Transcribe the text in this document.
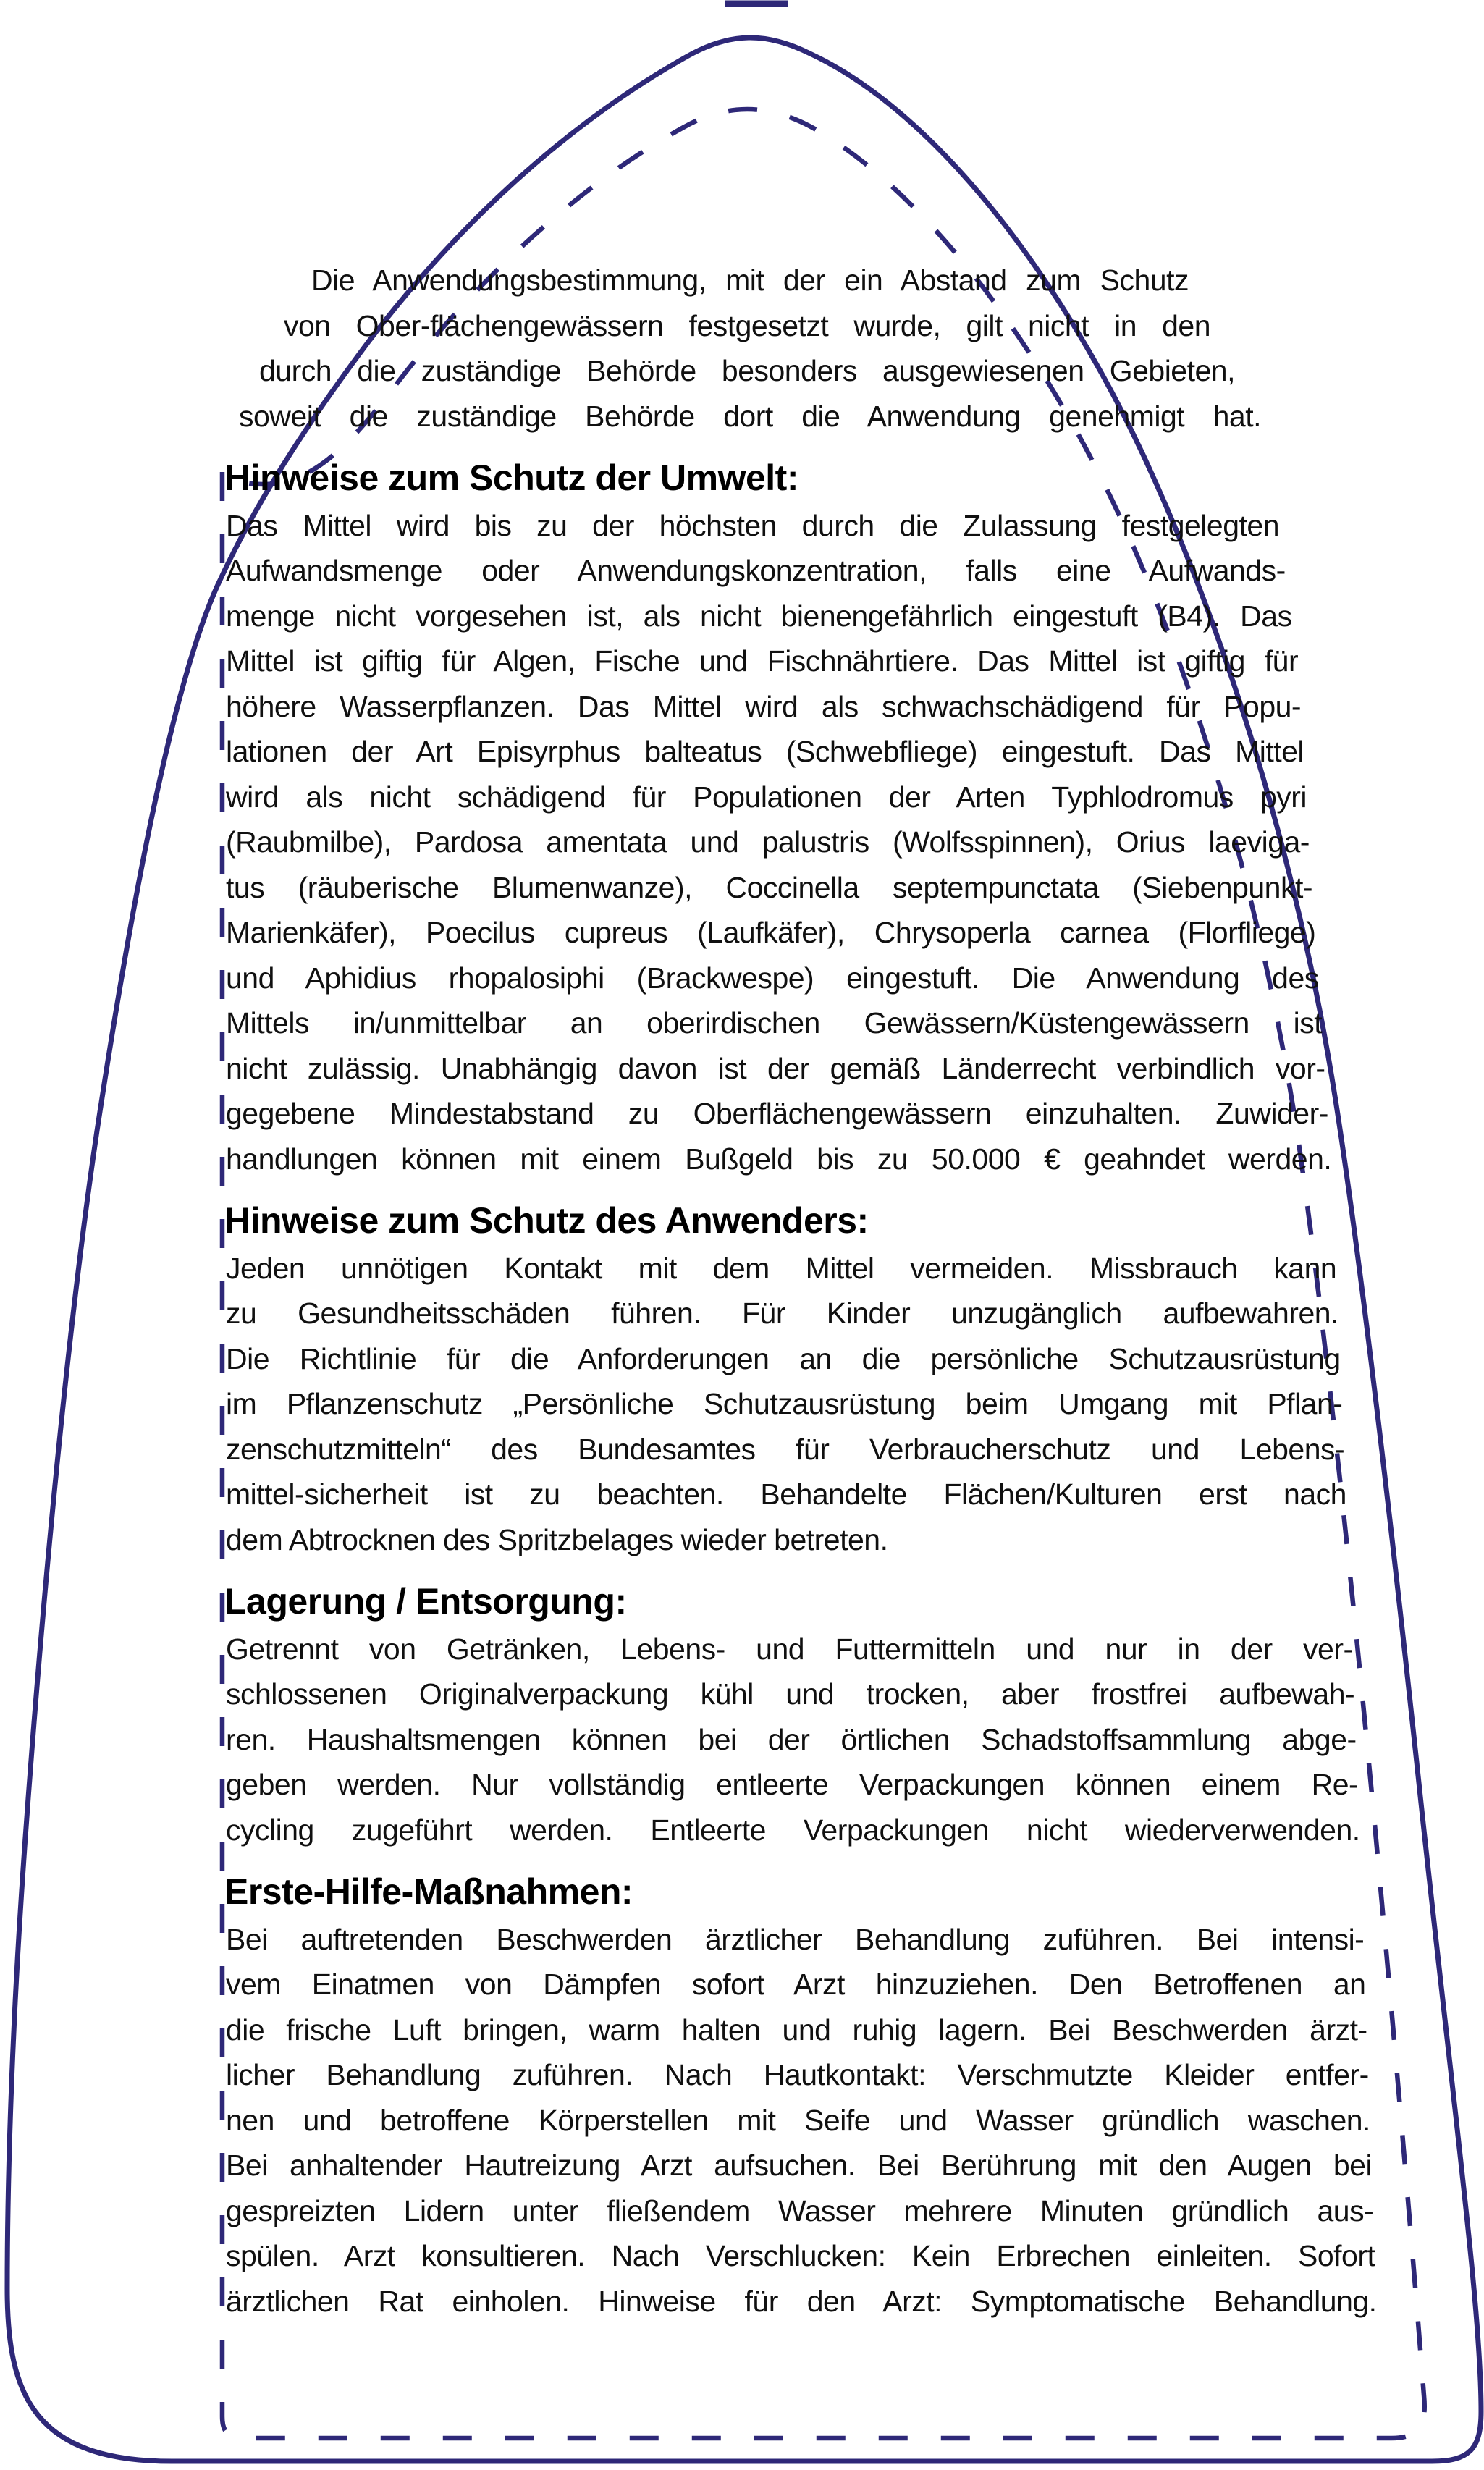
Die Anwendungsbestimmung, mit der ein Abstand zum Schutz
von Ober-flächengewässern festgesetzt wurde, gilt nicht in den
durch die zuständige Behörde besonders ausgewiesenen Gebieten,
soweit die zuständige Behörde dort die Anwendung genehmigt hat.
Hinweise zum Schutz der Umwelt:
Das Mittel wird bis zu der höchsten durch die Zulassung festgelegten
Aufwandsmenge oder Anwendungskonzentration, falls eine Aufwands-
menge nicht vorgesehen ist, als nicht bienengefährlich eingestuft (B4). Das
Mittel ist giftig für Algen, Fische und Fischnährtiere. Das Mittel ist giftig für
höhere Wasserpflanzen. Das Mittel wird als schwachschädigend für Popu-
lationen der Art Episyrphus balteatus (Schwebfliege) eingestuft. Das Mittel
wird als nicht schädigend für Populationen der Arten Typhlodromus pyri
(Raubmilbe), Pardosa amentata und palustris (Wolfsspinnen), Orius laeviga-
tus (räuberische Blumenwanze), Coccinella septempunctata (Siebenpunkt-
Marienkäfer), Poecilus cupreus (Laufkäfer), Chrysoperla carnea (Florfliege)
und Aphidius rhopalosiphi (Brackwespe) eingestuft. Die Anwendung des
Mittels in/unmittelbar an oberirdischen Gewässern/Küstengewässern ist
nicht zulässig. Unabhängig davon ist der gemäß Länderrecht verbindlich vor-
gegebene Mindestabstand zu Oberflächengewässern einzuhalten. Zuwider-
handlungen können mit einem Bußgeld bis zu 50.000 € geahndet werden.
Hinweise zum Schutz des Anwenders:
Jeden unnötigen Kontakt mit dem Mittel vermeiden. Missbrauch kann
zu Gesundheitsschäden führen. Für Kinder unzugänglich aufbewahren.
Die Richtlinie für die Anforderungen an die persönliche Schutzausrüstung
im Pflanzenschutz „Persönliche Schutzausrüstung beim Umgang mit Pflan-
zenschutzmitteln“ des Bundesamtes für Verbraucherschutz und Lebens-
mittel-sicherheit ist zu beachten. Behandelte Flächen/Kulturen erst nach
dem Abtrocknen des Spritzbelages wieder betreten.
Lagerung / Entsorgung:
Getrennt von Getränken, Lebens- und Futtermitteln und nur in der ver-
schlossenen Originalverpackung kühl und trocken, aber frostfrei aufbewah-
ren. Haushaltsmengen können bei der örtlichen Schadstoffsammlung abge-
geben werden. Nur vollständig entleerte Verpackungen können einem Re-
cycling zugeführt werden. Entleerte Verpackungen nicht wiederverwenden.
Erste-Hilfe-Maßnahmen:
Bei auftretenden Beschwerden ärztlicher Behandlung zuführen. Bei intensi-
vem Einatmen von Dämpfen sofort Arzt hinzuziehen. Den Betroffenen an
die frische Luft bringen, warm halten und ruhig lagern. Bei Beschwerden ärzt-
licher Behandlung zuführen. Nach Hautkontakt: Verschmutzte Kleider entfer-
nen und betroffene Körperstellen mit Seife und Wasser gründlich waschen.
Bei anhaltender Hautreizung Arzt aufsuchen. Bei Berührung mit den Augen bei
gespreizten Lidern unter fließendem Wasser mehrere Minuten gründlich aus-
spülen. Arzt konsultieren. Nach Verschlucken: Kein Erbrechen einleiten. Sofort
ärztlichen Rat einholen. Hinweise für den Arzt: Symptomatische Behandlung.
